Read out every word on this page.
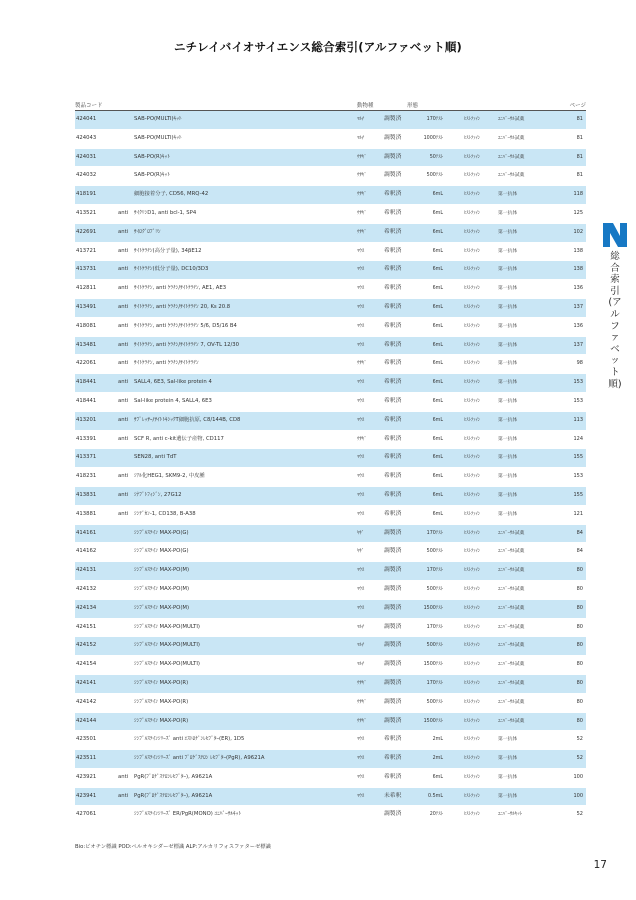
ニチレイバイオサイエンス総合索引(アルファベット順)
製品コード	動物種	形態	ページ
424041	SAB-PO(MULTI)ｷｯﾄ	ﾏﾙﾁ	調製済	170ﾃｽﾄ	ﾋｽﾄﾌｧｲﾝ	ﾕﾆﾊﾞｰｻﾙ試薬	81
424043	SAB-PO(MULTI)ｷｯﾄ	ﾏﾙﾁ	調製済	1000ﾃｽﾄ	ﾋｽﾄﾌｧｲﾝ	ﾕﾆﾊﾞｰｻﾙ試薬	81
424031	SAB-PO(R)ｷｯﾄ	ｳｻｷﾞ	調製済	50ﾃｽﾄ	ﾋｽﾄﾌｧｲﾝ	ﾕﾆﾊﾞｰｻﾙ試薬	81
424032	SAB-PO(R)ｷｯﾄ	ｳｻｷﾞ	調製済	500ﾃｽﾄ	ﾋｽﾄﾌｧｲﾝ	ﾕﾆﾊﾞｰｻﾙ試薬	81
418191	細胞接着分子, CD56, MRQ-42	ｳｻｷﾞ	希釈済	6mL	ﾋｽﾄﾌｧｲﾝ	第一抗体	118
413521	anti ｻｲｸﾘﾝD1, anti bcl-1, SP4	ｳｻｷﾞ	希釈済	6mL	ﾋｽﾄﾌｧｲﾝ	第一抗体	125
422691	anti ｻｲﾛｸﾞﾛﾌﾞﾘﾝ	ｳｻｷﾞ	希釈済	6mL	ﾋｽﾄﾌｧｲﾝ	第一抗体	102
413721	anti ｻｲﾄｹﾗﾁﾝ(高分子量), 34βE12	ﾏｳｽ	希釈済	6mL	ﾋｽﾄﾌｧｲﾝ	第一抗体	138
413731	anti ｻｲﾄｹﾗﾁﾝ(低分子量), DC10/3D3	ﾏｳｽ	希釈済	6mL	ﾋｽﾄﾌｧｲﾝ	第一抗体	138
412811	anti ｻｲﾄｹﾗﾁﾝ, anti ｹﾗﾁﾝ/ｻｲﾄｹﾗﾁﾝ, AE1, AE3	ﾏｳｽ	希釈済	6mL	ﾋｽﾄﾌｧｲﾝ	第一抗体	136
413491	anti ｻｲﾄｹﾗﾁﾝ, anti ｹﾗﾁﾝ/ｻｲﾄｹﾗﾁﾝ 20, Ks 20.8	ﾏｳｽ	希釈済	6mL	ﾋｽﾄﾌｧｲﾝ	第一抗体	137
418081	anti ｻｲﾄｹﾗﾁﾝ, anti ｹﾗﾁﾝ/ｻｲﾄｹﾗﾁﾝ 5/6, D5/16 B4	ﾏｳｽ	希釈済	6mL	ﾋｽﾄﾌｧｲﾝ	第一抗体	136
413481	anti ｻｲﾄｹﾗﾁﾝ, anti ｹﾗﾁﾝ/ｻｲﾄｹﾗﾁﾝ 7, OV-TL 12/30	ﾏｳｽ	希釈済	6mL	ﾋｽﾄﾌｧｲﾝ	第一抗体	137
422061	anti ｻｲﾄｹﾗﾁﾝ, anti ｹﾗﾁﾝ/ｻｲﾄｹﾗﾁﾝ	ｳｻｷﾞ	希釈済	6mL	ﾋｽﾄﾌｧｲﾝ	第一抗体	98
418441	anti SALL4, 6E3, Sal-like protein 4	ﾏｳｽ	希釈済	6mL	ﾋｽﾄﾌｧｲﾝ	第一抗体	153
418441	anti Sal-like protein 4, SALL4, 6E3	ﾏｳｽ	希釈済	6mL	ﾋｽﾄﾌｧｲﾝ	第一抗体	153
413201	anti ｻﾌﾟﾚｯｻｰ/ｻｲﾄﾄｷｼｯｸT細胞抗原, C8/144B, CD8	ﾏｳｽ	希釈済	6mL	ﾋｽﾄﾌｧｲﾝ	第一抗体	113
413391	anti SCF R, anti c-kit遺伝子産物, CD117	ｳｻｷﾞ	希釈済	6mL	ﾋｽﾄﾌｧｲﾝ	第一抗体	124
413371	SEN28, anti TdT	ﾏｳｽ	希釈済	6mL	ﾋｽﾄﾌｧｲﾝ	第一抗体	155
418231	anti ｼｱﾙ化HEG1, SKM9-2, 中皮腫	ﾏｳｽ	希釈済	6mL	ﾋｽﾄﾌｧｲﾝ	第一抗体	153
413831	anti ｼﾅﾌﾟﾄﾌｨｼﾞﾝ, 27G12	ﾏｳｽ	希釈済	6mL	ﾋｽﾄﾌｧｲﾝ	第一抗体	155
413881	anti ｼﾝﾃﾞｶﾝ-1, CD138, B-A38	ﾏｳｽ	希釈済	6mL	ﾋｽﾄﾌｧｲﾝ	第一抗体	121
414161	ｼﾝﾌﾟﾙｽﾃｲﾝ MAX-PO(G)	ﾔｷﾞ	調製済	170ﾃｽﾄ	ﾋｽﾄﾌｧｲﾝ	ﾕﾆﾊﾞｰｻﾙ試薬	84
414162	ｼﾝﾌﾟﾙｽﾃｲﾝ MAX-PO(G)	ﾔｷﾞ	調製済	500ﾃｽﾄ	ﾋｽﾄﾌｧｲﾝ	ﾕﾆﾊﾞｰｻﾙ試薬	84
424131	ｼﾝﾌﾟﾙｽﾃｲﾝ MAX-PO(M)	ﾏｳｽ	調製済	170ﾃｽﾄ	ﾋｽﾄﾌｧｲﾝ	ﾕﾆﾊﾞｰｻﾙ試薬	80
424132	ｼﾝﾌﾟﾙｽﾃｲﾝ MAX-PO(M)	ﾏｳｽ	調製済	500ﾃｽﾄ	ﾋｽﾄﾌｧｲﾝ	ﾕﾆﾊﾞｰｻﾙ試薬	80
424134	ｼﾝﾌﾟﾙｽﾃｲﾝ MAX-PO(M)	ﾏｳｽ	調製済	1500ﾃｽﾄ	ﾋｽﾄﾌｧｲﾝ	ﾕﾆﾊﾞｰｻﾙ試薬	80
424151	ｼﾝﾌﾟﾙｽﾃｲﾝ MAX-PO(MULTI)	ﾏﾙﾁ	調製済	170ﾃｽﾄ	ﾋｽﾄﾌｧｲﾝ	ﾕﾆﾊﾞｰｻﾙ試薬	80
424152	ｼﾝﾌﾟﾙｽﾃｲﾝ MAX-PO(MULTI)	ﾏﾙﾁ	調製済	500ﾃｽﾄ	ﾋｽﾄﾌｧｲﾝ	ﾕﾆﾊﾞｰｻﾙ試薬	80
424154	ｼﾝﾌﾟﾙｽﾃｲﾝ MAX-PO(MULTI)	ﾏﾙﾁ	調製済	1500ﾃｽﾄ	ﾋｽﾄﾌｧｲﾝ	ﾕﾆﾊﾞｰｻﾙ試薬	80
424141	ｼﾝﾌﾟﾙｽﾃｲﾝ MAX-PO(R)	ｳｻｷﾞ	調製済	170ﾃｽﾄ	ﾋｽﾄﾌｧｲﾝ	ﾕﾆﾊﾞｰｻﾙ試薬	80
424142	ｼﾝﾌﾟﾙｽﾃｲﾝ MAX-PO(R)	ｳｻｷﾞ	調製済	500ﾃｽﾄ	ﾋｽﾄﾌｧｲﾝ	ﾕﾆﾊﾞｰｻﾙ試薬	80
424144	ｼﾝﾌﾟﾙｽﾃｲﾝ MAX-PO(R)	ｳｻｷﾞ	調製済	1500ﾃｽﾄ	ﾋｽﾄﾌｧｲﾝ	ﾕﾆﾊﾞｰｻﾙ試薬	80
423501	ｼﾝﾌﾟﾙｽﾃｲﾝｼﾘｰｽﾞ anti ｴｽﾄﾛｹﾞﾝﾚｾﾌﾟﾀｰ(ER), 1D5	ﾏｳｽ	希釈済	2mL	ﾋｽﾄﾌｧｲﾝ	第一抗体	52
423511	ｼﾝﾌﾟﾙｽﾃｲﾝｼﾘｰｽﾞ anti ﾌﾟﾛｹﾞｽﾃﾛﾝ ﾚｾﾌﾟﾀｰ(PgR), A9621A	ﾏｳｽ	希釈済	2mL	ﾋｽﾄﾌｧｲﾝ	第一抗体	52
423921	anti PgR(ﾌﾟﾛｹﾞｽﾃﾛﾝﾚｾﾌﾟﾀｰ), A9621A	ﾏｳｽ	希釈済	6mL	ﾋｽﾄﾌｧｲﾝ	第一抗体	100
423941	anti PgR(ﾌﾟﾛｹﾞｽﾃﾛﾝﾚｾﾌﾟﾀｰ), A9621A	ﾏｳｽ	未希釈	0.5mL	ﾋｽﾄﾌｧｲﾝ	第一抗体	100
427061	ｼﾝﾌﾟﾙｽﾃｲﾝｼﾘｰｽﾞ ER/PgR(MONO) ﾕﾆﾊﾞｰｻﾙｷｯﾄ	調製済	20ﾃｽﾄ	ﾋｽﾄﾌｧｲﾝ	ﾕﾆﾊﾞｰｻﾙｷｯﾄ	52
総合索引(アルファベット順)
Bio:ビオチン標識 POD:ペルオキシダーゼ標識 ALP:アルカリフォスファターゼ標識
17
